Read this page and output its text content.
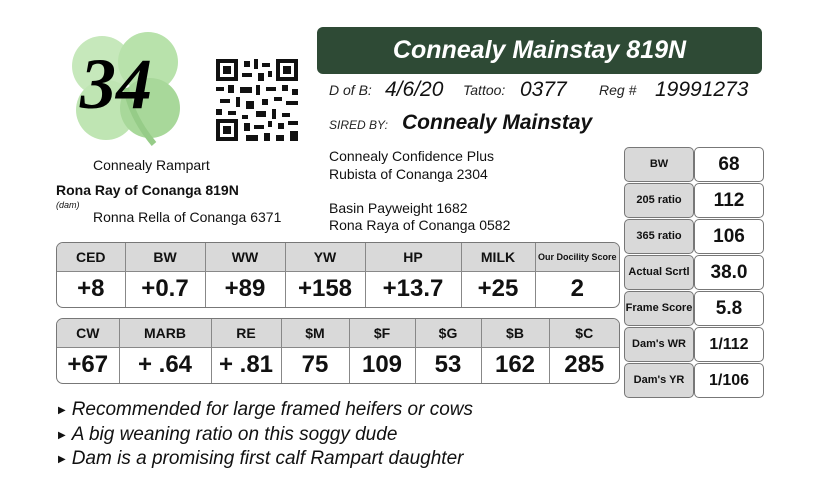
34	Connealy Mainstay 819N
D of B: 4/6/20 Tattoo: 0377 Reg # 19991273
SIRED BY: Connealy Mainstay
Connealy Rampart
Rona Ray of Conanga 819N
(dam)
Ronna Rella of Conanga 6371
Connealy Confidence Plus
Rubista of Conanga 2304
Basin Payweight 1682
Rona Raya of Conanga 0582
CED	BW	WW	YW	HP	MILK	Our Docility Score
+8	+0.7	+89	+158	+13.7	+25	2
CW	MARB	RE	$M	$F	$G	$B	$C
+67	+ .64	+ .81	75	109	53	162	285
BW	68
205 ratio	112
365 ratio	106
Actual Scrtl	38.0
Frame Score	5.8
Dam's WR	1/112
Dam's YR	1/106
▶ Recommended for large framed heifers or cows
▶ A big weaning ratio on this soggy dude
▶ Dam is a promising first calf Rampart daughter
